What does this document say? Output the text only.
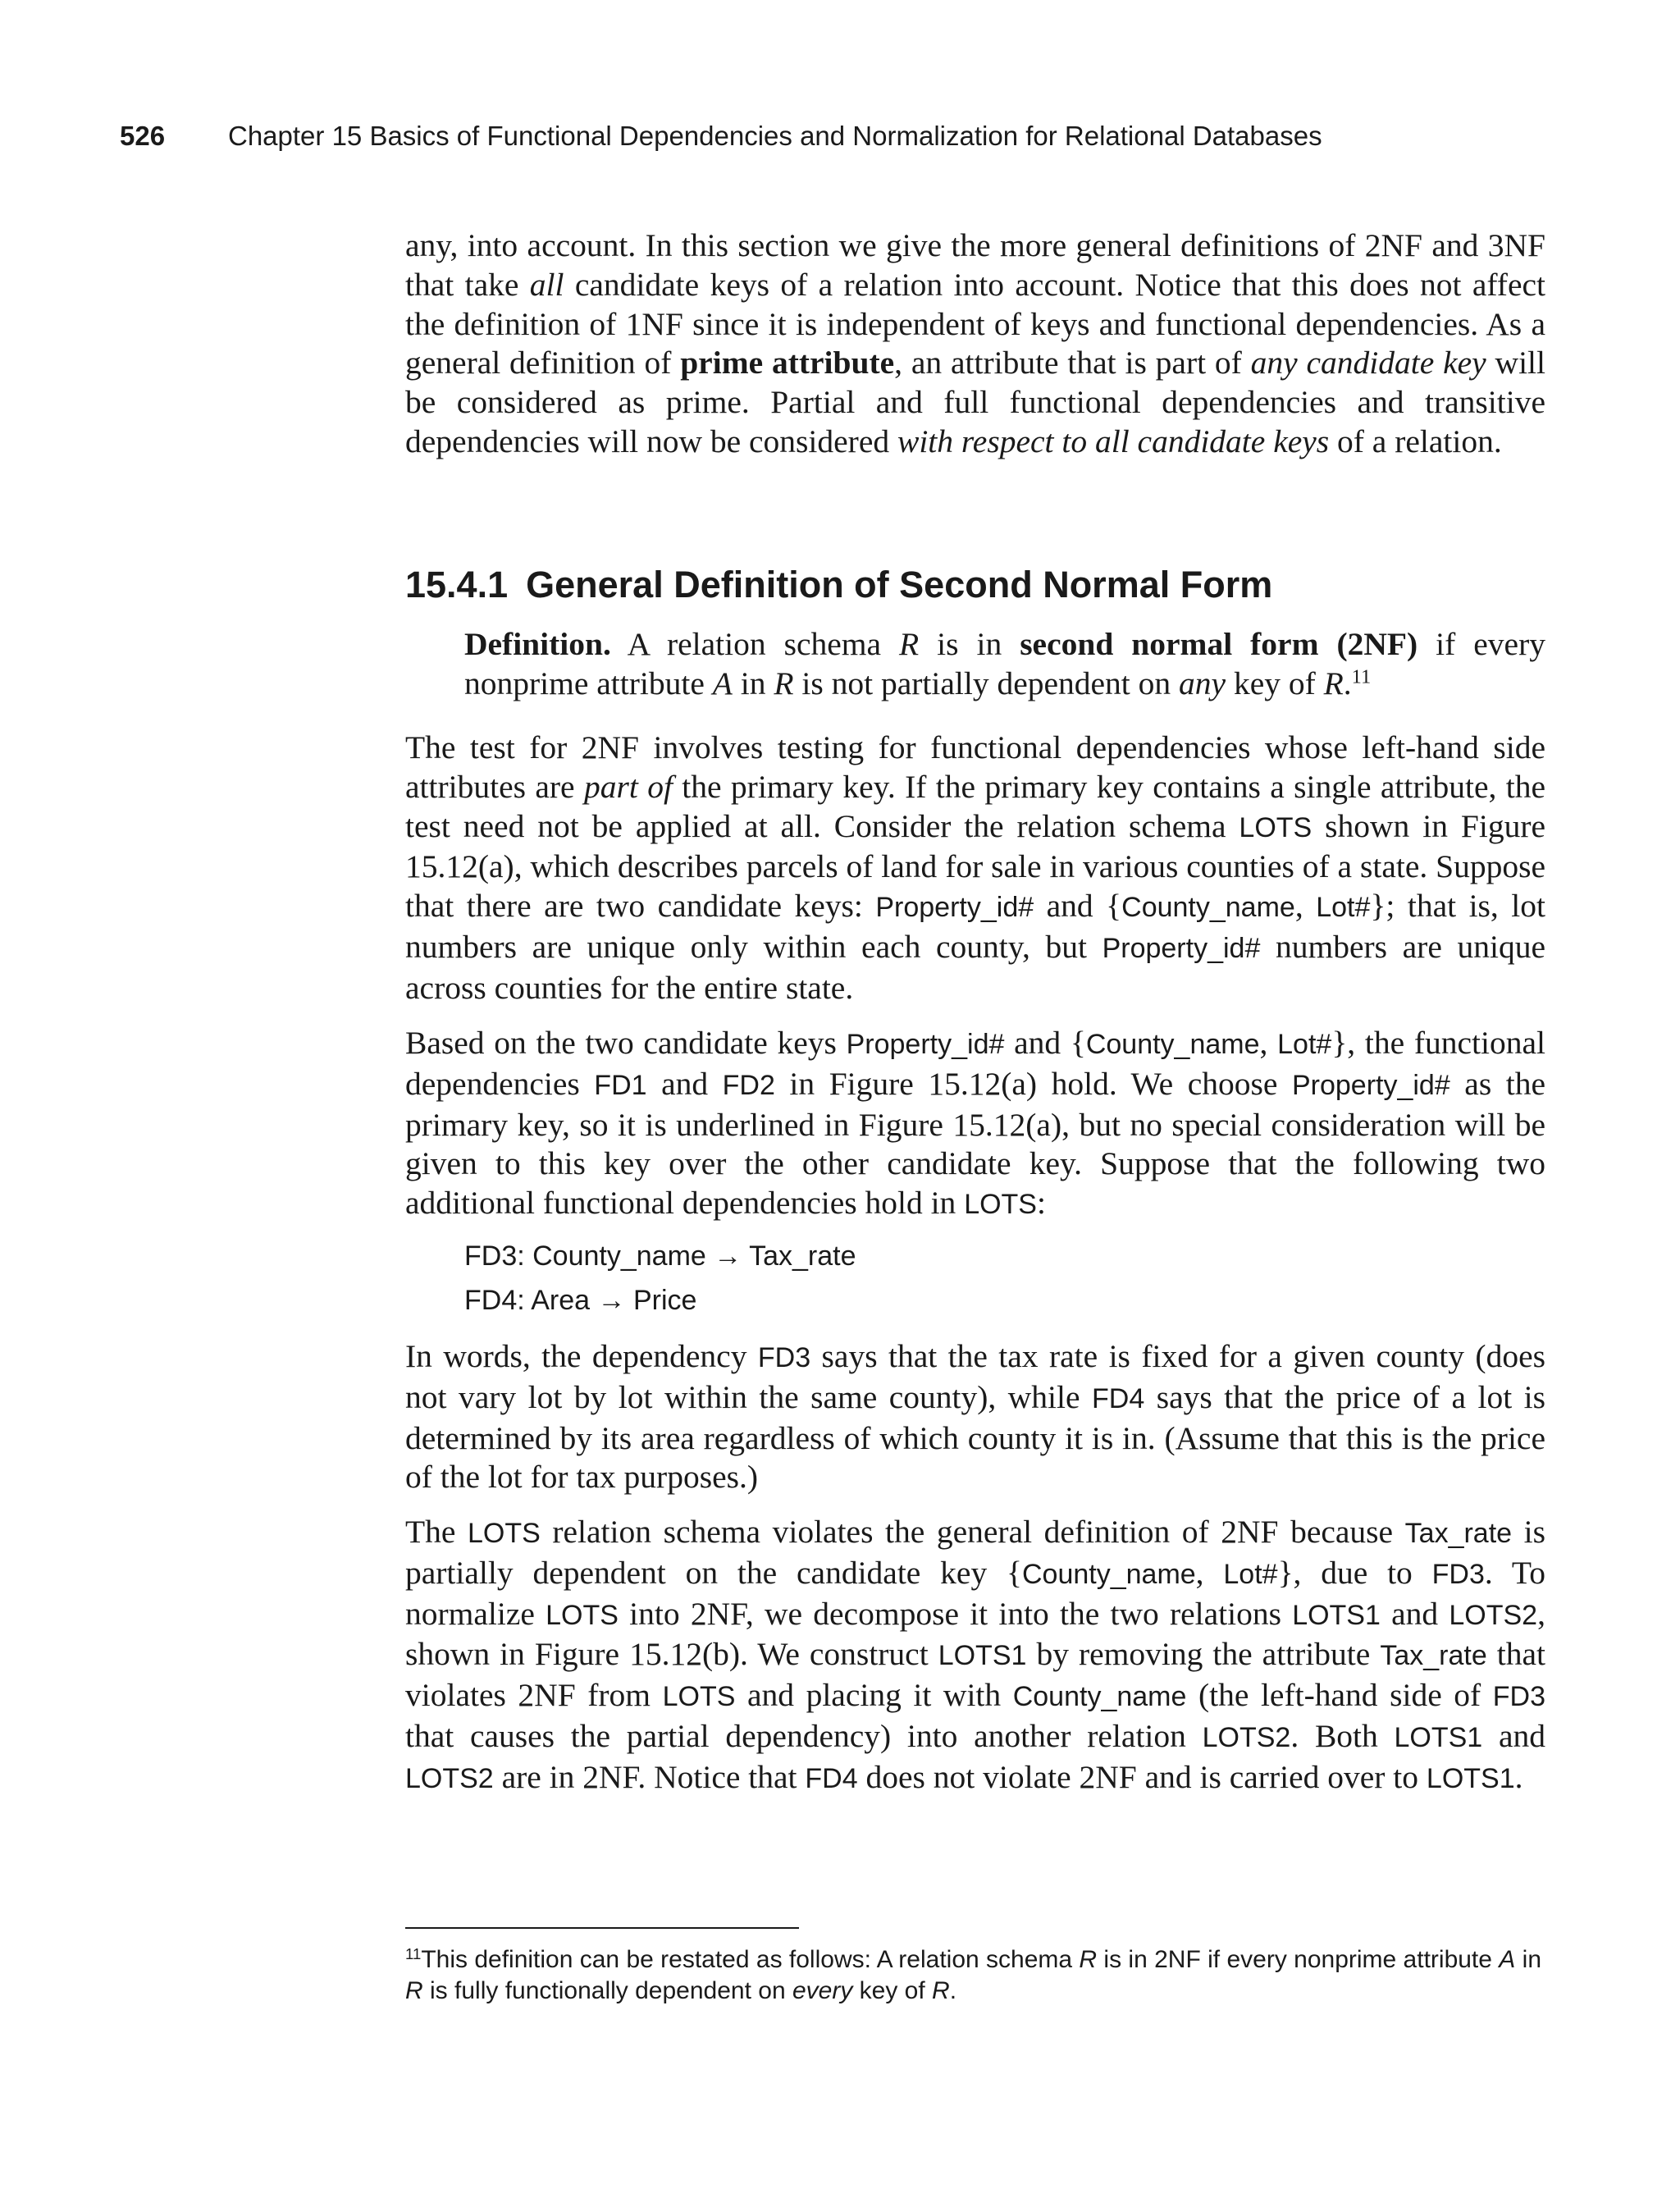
526 Chapter 15 Basics of Functional Dependencies and Normalization for Relational Databases

any, into account. In this section we give the more general definitions of 2NF and 3NF that take all candidate keys of a relation into account. Notice that this does not affect the definition of 1NF since it is independent of keys and functional dependencies. As a general definition of prime attribute, an attribute that is part of any candidate key will be considered as prime. Partial and full functional dependencies and transitive dependencies will now be considered with respect to all candidate keys of a relation.

15.4.1 General Definition of Second Normal Form

Definition. A relation schema R is in second normal form (2NF) if every nonprime attribute A in R is not partially dependent on any key of R.$^{11}$

The test for 2NF involves testing for functional dependencies whose left-hand side attributes are part of the primary key. If the primary key contains a single attribute, the test need not be applied at all. Consider the relation schema LOTS shown in Figure 15.12(a), which describes parcels of land for sale in various counties of a state. Suppose that there are two candidate keys: Property_id# and {County_name, Lot#}; that is, lot numbers are unique only within each county, but Property_id# numbers are unique across counties for the entire state.

Based on the two candidate keys Property_id# and {County_name, Lot#}, the functional dependencies FD1 and FD2 in Figure 15.12(a) hold. We choose Property_id# as the primary key, so it is underlined in Figure 15.12(a), but no special consideration will be given to this key over the other candidate key. Suppose that the following two additional functional dependencies hold in LOTS:

FD3: County_name → Tax_rate
FD4: Area → Price

In words, the dependency FD3 says that the tax rate is fixed for a given county (does not vary lot by lot within the same county), while FD4 says that the price of a lot is determined by its area regardless of which county it is in. (Assume that this is the price of the lot for tax purposes.)

The LOTS relation schema violates the general definition of 2NF because Tax_rate is partially dependent on the candidate key {County_name, Lot#}, due to FD3. To normalize LOTS into 2NF, we decompose it into the two relations LOTS1 and LOTS2, shown in Figure 15.12(b). We construct LOTS1 by removing the attribute Tax_rate that violates 2NF from LOTS and placing it with County_name (the left-hand side of FD3 that causes the partial dependency) into another relation LOTS2. Both LOTS1 and LOTS2 are in 2NF. Notice that FD4 does not violate 2NF and is carried over to LOTS1.

$^{11}$This definition can be restated as follows: A relation schema R is in 2NF if every nonprime attribute A in R is fully functionally dependent on every key of R.
